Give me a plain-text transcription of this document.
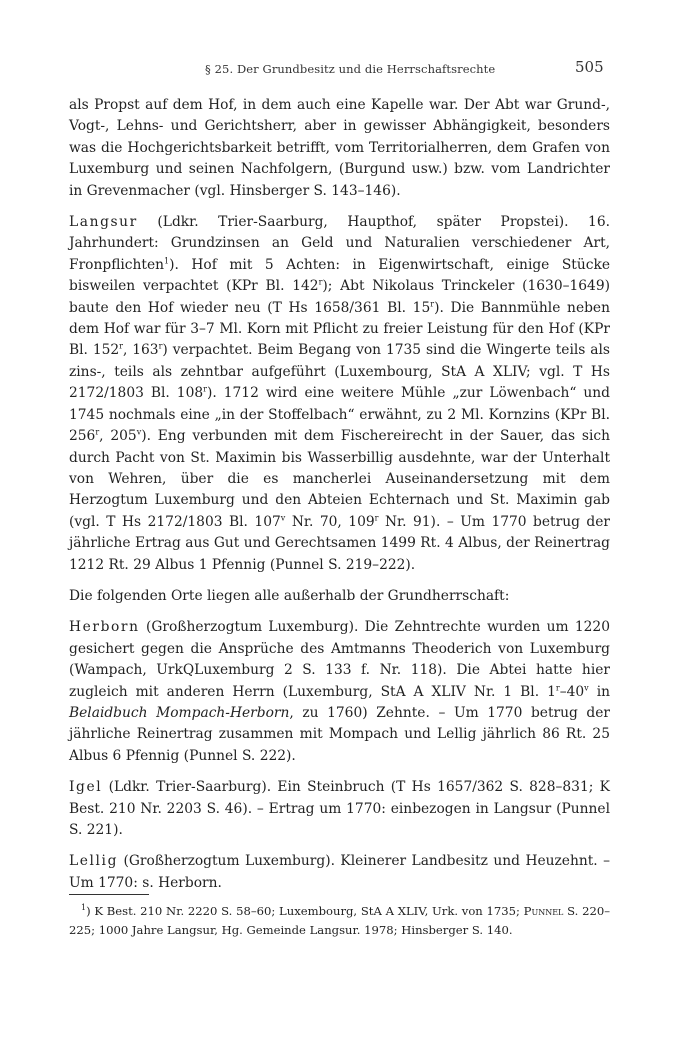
§ 25. Der Grundbesitz und die Herrschaftsrechte	505

als Propst auf dem Hof, in dem auch eine Kapelle war. Der Abt war Grund-, Vogt-, Lehns- und Gerichtsherr, aber in gewisser Abhängigkeit, besonders was die Hochgerichtsbarkeit betrifft, vom Territorialherren, dem Grafen von Luxemburg und seinen Nachfolgern, (Burgund usw.) bzw. vom Landrichter in Grevenmacher (vgl. Hinsberger S. 143–146).

Langsur (Ldkr. Trier-Saarburg, Haupthof, später Propstei). 16. Jahrhundert: Grundzinsen an Geld und Naturalien verschiedener Art, Fronpflichten$^1$). Hof mit 5 Achten: in Eigenwirtschaft, einige Stücke bisweilen verpachtet (KPr Bl. 142$^r$); Abt Nikolaus Trinckeler (1630–1649) baute den Hof wieder neu (T Hs 1658/361 Bl. 15$^r$). Die Bannmühle neben dem Hof war für 3–7 Ml. Korn mit Pflicht zu freier Leistung für den Hof (KPr Bl. 152$^r$, 163$^r$) verpachtet. Beim Begang von 1735 sind die Wingerte teils als zins-, teils als zehntbar aufgeführt (Luxembourg, StA A XLIV; vgl. T Hs 2172/1803 Bl. 108$^r$). 1712 wird eine weitere Mühle „zur Löwenbach“ und 1745 nochmals eine „in der Stoffelbach“ erwähnt, zu 2 Ml. Kornzins (KPr Bl. 256$^r$, 205$^v$). Eng verbunden mit dem Fischereirecht in der Sauer, das sich durch Pacht von St. Maximin bis Wasserbillig ausdehnte, war der Unterhalt von Wehren, über die es mancherlei Auseinandersetzung mit dem Herzogtum Luxemburg und den Abteien Echternach und St. Maximin gab (vgl. T Hs 2172/1803 Bl. 107$^v$ Nr. 70, 109$^r$ Nr. 91). – Um 1770 betrug der jährliche Ertrag aus Gut und Gerechtsamen 1499 Rt. 4 Albus, der Reinertrag 1212 Rt. 29 Albus 1 Pfennig (Punnel S. 219–222).

Die folgenden Orte liegen alle außerhalb der Grundherrschaft:

Herborn (Großherzogtum Luxemburg). Die Zehntrechte wurden um 1220 gesichert gegen die Ansprüche des Amtmanns Theoderich von Luxemburg (Wampach, UrkQLuxemburg 2 S. 133 f. Nr. 118). Die Abtei hatte hier zugleich mit anderen Herrn (Luxemburg, StA A XLIV Nr. 1 Bl. 1$^r$–40$^v$ in Belaidbuch Mompach-Herborn, zu 1760) Zehnte. – Um 1770 betrug der jährliche Reinertrag zusammen mit Mompach und Lellig jährlich 86 Rt. 25 Albus 6 Pfennig (Punnel S. 222).

Igel (Ldkr. Trier-Saarburg). Ein Steinbruch (T Hs 1657/362 S. 828–831; K Best. 210 Nr. 2203 S. 46). – Ertrag um 1770: einbezogen in Langsur (Punnel S. 221).

Lellig (Großherzogtum Luxemburg). Kleinerer Landbesitz und Heuzehnt. – Um 1770: s. Herborn.

$^1$) K Best. 210 Nr. 2220 S. 58–60; Luxembourg, StA A XLIV, Urk. von 1735; Punnel S. 220–225; 1000 Jahre Langsur, Hg. Gemeinde Langsur. 1978; Hinsberger S. 140.
